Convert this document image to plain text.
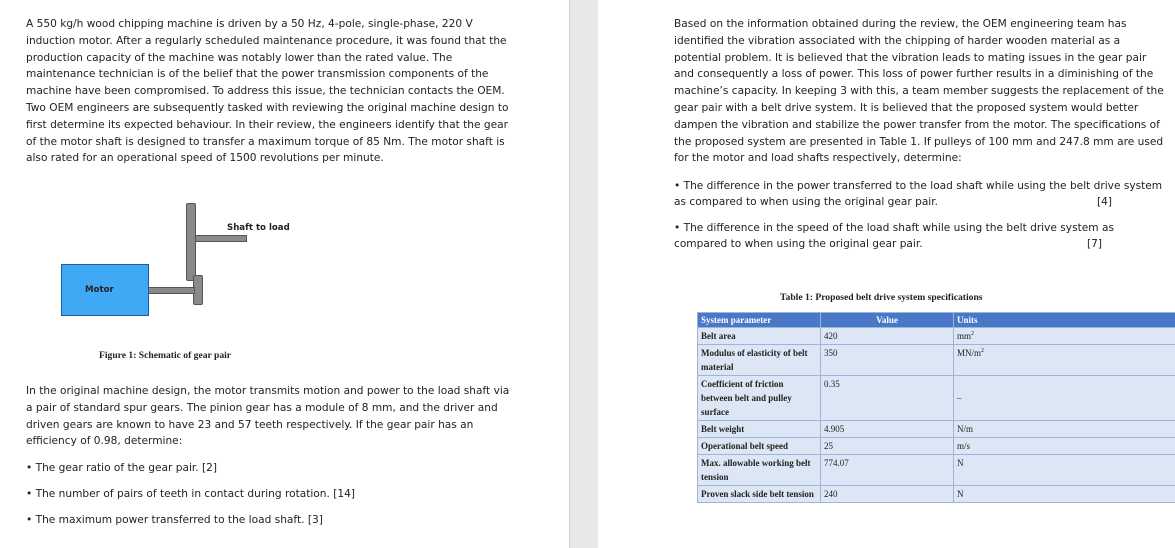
A 550 kg/h wood chipping machine is driven by a 50 Hz, 4-pole, single-phase, 220 V

induction motor. After a regularly scheduled maintenance procedure, it was found that the

production capacity of the machine was notably lower than the rated value. The

maintenance technician is of the belief that the power transmission components of the

machine have been compromised. To address this issue, the technician contacts the OEM.

Two OEM engineers are subsequently tasked with reviewing the original machine design to

first determine its expected behaviour. In their review, the engineers identify that the gear

of the motor shaft is designed to transfer a maximum torque of 85 Nm. The motor shaft is

also rated for an operational speed of 1500 revolutions per minute.

Motor
Shaft to load
Figure 1: Schematic of gear pair

In the original machine design, the motor transmits motion and power to the load shaft via

a pair of standard spur gears. The pinion gear has a module of 8 mm, and the driver and

driven gears are known to have 23 and 57 teeth respectively. If the gear pair has an

efficiency of 0.98, determine:

• The gear ratio of the gear pair. [2]
• The number of pairs of teeth in contact during rotation. [14]
• The maximum power transferred to the load shaft. [3]

Based on the information obtained during the review, the OEM engineering team has

identified the vibration associated with the chipping of harder wooden material as a

potential problem. It is believed that the vibration leads to mating issues in the gear pair

and consequently a loss of power. This loss of power further results in a diminishing of the

machine’s capacity. In keeping 3 with this, a team member suggests the replacement of the

gear pair with a belt drive system. It is believed that the proposed system would better

dampen the vibration and stabilize the power transfer from the motor. The specifications of

the proposed system are presented in Table 1. If pulleys of 100 mm and 247.8 mm are used

for the motor and load shafts respectively, determine:

• The difference in the power transferred to the load shaft while using the belt drive system
as compared to when using the original gear pair.	[4]
• The difference in the speed of the load shaft while using the belt drive system as
compared to when using the original gear pair.	[7]
Table 1: Proposed belt drive system specifications
System parameter	Value	Units
Belt area	420	$mm^2$
Modulus of elasticity of belt material	350	$MN/m^2$
Coefficient of friction between belt and pulley surface	0.35	–
Belt weight	4.905	N/m
Operational belt speed	25	m/s
Max. allowable working belt tension	774.07	N
Proven slack side belt tension	240	N
